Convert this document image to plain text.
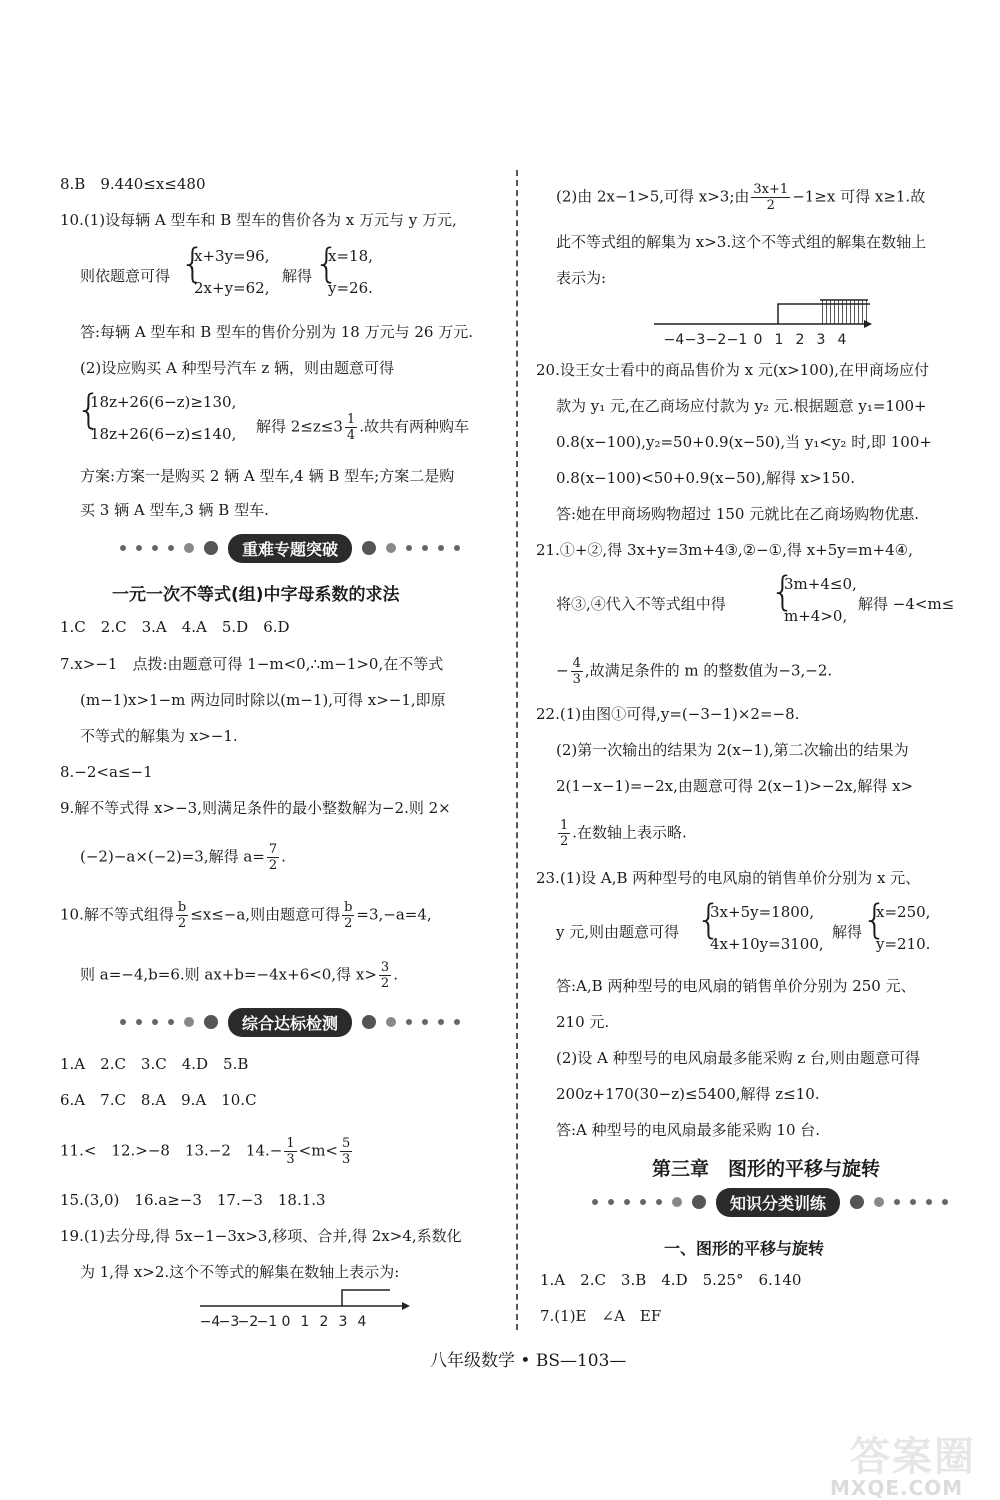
8.B　9.440≤x≤480
10.(1)设每辆 A 型车和 B 型车的售价各为 x 万元与 y 万元,
则依题意可得 {
x+3y=96,
2x+y=62,
解得 {
x=18,
y=26.
答:每辆 A 型车和 B 型车的售价分别为 18 万元与 26 万元.
(2)设应购买 A 种型号汽车 z 辆，则由题意可得
{
18z+26(6−z)≥130,
18z+26(6−z)≤140, 解得 $2\le z\le 3 \frac{1}{4}$ .故共有两种购车
方案:方案一是购买 2 辆 A 型车,4 辆 B 型车;方案二是购
买 3 辆 A 型车,3 辆 B 型车.
重难专题突破
一元一次不等式(组)中字母系数的求法
1.C　2.C　3.A　4.A　5.D　6.D
7.x>−1　点拨:由题意可得 1−m<0,∴m−1>0,在不等式
(m−1)x>1−m 两边同时除以(m−1),可得 x>−1,即原
不等式的解集为 x>−1.
8.−2<a≤−1
9.解不等式得 x>−3,则满足条件的最小整数解为−2.则 2×
(−2)−a×(−2)=3,解得 $a= \frac{7}{2}$ .
10.解不等式组得 $\frac{b}{2} \le x\le-a$,则由题意可得 $\frac{b}{2} =3,-a=4$,
则 a=−4,b=6.则 ax+b=−4x+6<0,得 $x> \frac{3}{2}$ .
综合达标检测
1.A　2.C　3.C　4.D　5.B
6.A　7.C　8.A　9.A　10.C
11.<　12.>−8　13.−2　$14.- \frac{1}{3} <m< \frac{5}{3}$
15.(3,0)　16.a≥−3　17.−3　18.1.3
19.(1)去分母,得 5x−1−3x>3,移项、合并,得 2x>4,系数化
为 1,得 x>2.这个不等式的解集在数轴上表示为:
−4
−3
−2
−1 0 1 2 3 4
(2)由 2x−1>5,可得 x>3;由 $\frac{3x+1}{2} -1\ge x$ 可得 x≥1.故
此不等式组的解集为 x>3.这个不等式组的解集在数轴上
表示为:
−4 −3 −2 −1 0 1 2 3 4
20.设王女士看中的商品售价为 x 元(x>100),在甲商场应付
款为 y₁ 元,在乙商场应付款为 y₂ 元.根据题意 y₁=100+
0.8(x−100),y₂=50+0.9(x−50),当 y₁<y₂ 时,即 100+
0.8(x−100)<50+0.9(x−50),解得 x>150.
答:她在甲商场购物超过 150 元就比在乙商场购物优惠.
21.①+②,得 3x+y=3m+4③,②−①,得 x+5y=m+4④,
将③,④代入不等式组中得 {
3m+4≤0,
m+4>0,
解得 −4<m≤
− $\frac{4}{3}$ ,故满足条件的 m 的整数值为−3,−2.
22.(1)由图①可得,y=(−3−1)×2=−8.
(2)第一次输出的结果为 2(x−1),第二次输出的结果为
2(1−x−1)=−2x,由题意可得 2(x−1)>−2x,解得 x>
$\frac{1}{2}$ .在数轴上表示略.
23.(1)设 A,B 两种型号的电风扇的销售单价分别为 x 元、
y 元,则由题意可得 {
3x+5y=1800,
4x+10y=3100,
解得 {
x=250,
y=210.
答:A,B 两种型号的电风扇的销售单价分别为 250 元、
210 元.
(2)设 A 种型号的电风扇最多能采购 z 台,则由题意可得
200z+170(30−z)≤5400,解得 z≤10.
答:A 种型号的电风扇最多能采购 10 台.
第三章　图形的平移与旋转
知识分类训练
一、图形的平移与旋转
1.A　2.C　3.B　4.D　5.25°　6.140
7.(1)E　∠A　EF
八年级数学 • BS—103—
答案圈
MXQE.COM
